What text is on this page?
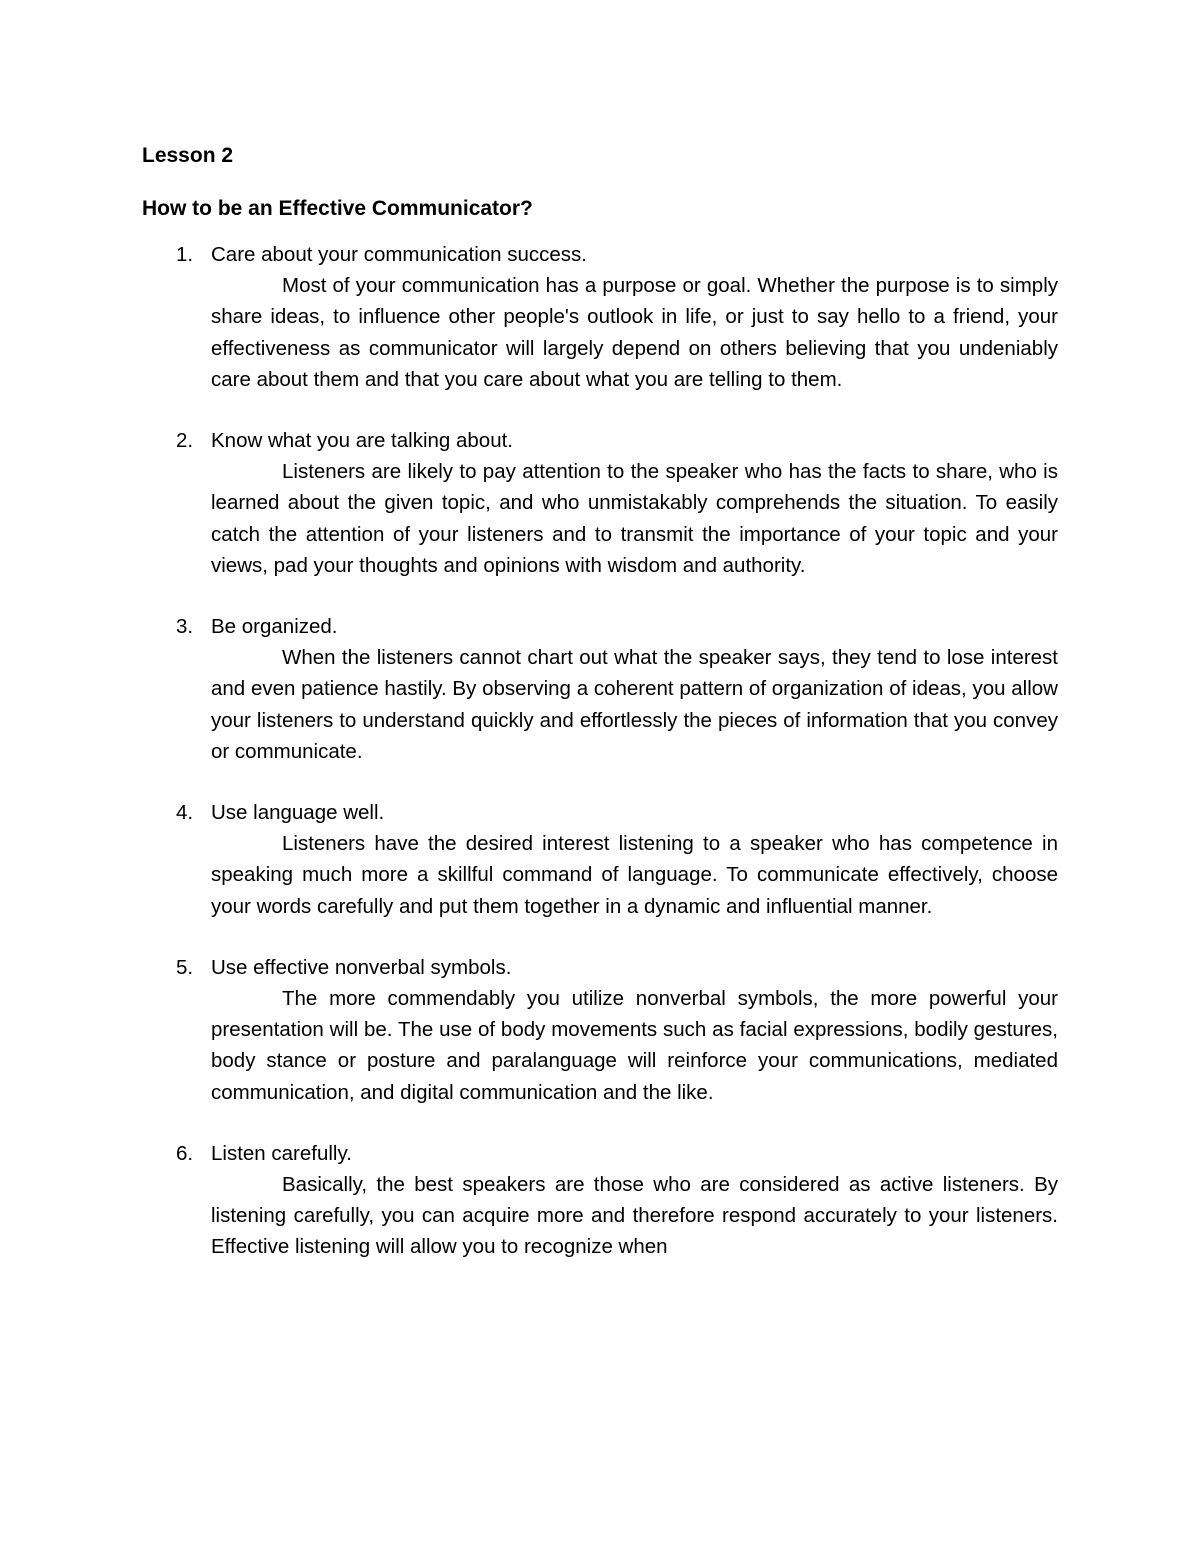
Lesson 2

How to be an Effective Communicator?
1. Care about your communication success.

Most of your communication has a purpose or goal. Whether the purpose is to simply share ideas, to influence other people's outlook in life, or just to say hello to a friend, your effectiveness as communicator will largely depend on others believing that you undeniably care about them and that you care about what you are telling to them.

2. Know what you are talking about.

Listeners are likely to pay attention to the speaker who has the facts to share, who is learned about the given topic, and who unmistakably comprehends the situation. To easily catch the attention of your listeners and to transmit the importance of your topic and your views, pad your thoughts and opinions with wisdom and authority.

3. Be organized.

When the listeners cannot chart out what the speaker says, they tend to lose interest and even patience hastily. By observing a coherent pattern of organization of ideas, you allow your listeners to understand quickly and effortlessly the pieces of information that you convey or communicate.

4. Use language well.

Listeners have the desired interest listening to a speaker who has competence in speaking much more a skillful command of language. To communicate effectively, choose your words carefully and put them together in a dynamic and influential manner.

5. Use effective nonverbal symbols.

The more commendably you utilize nonverbal symbols, the more powerful your presentation will be. The use of body movements such as facial expressions, bodily gestures, body stance or posture and paralanguage will reinforce your communications, mediated communication, and digital communication and the like.

6. Listen carefully.

Basically, the best speakers are those who are considered as active listeners. By listening carefully, you can acquire more and therefore respond accurately to your listeners. Effective listening will allow you to recognize when
